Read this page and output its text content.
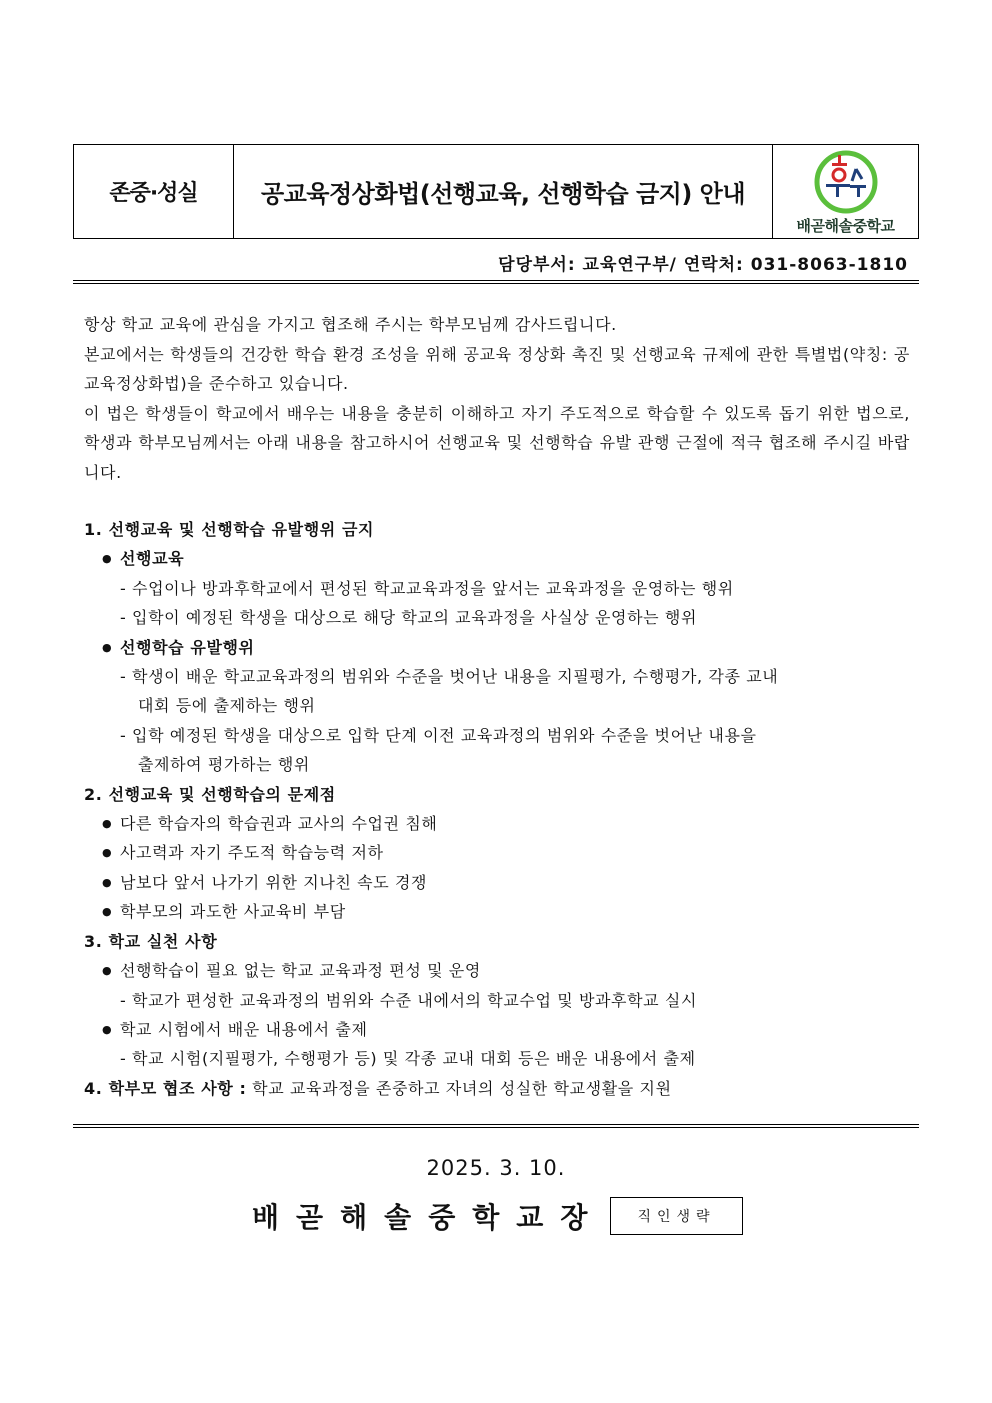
존중·성실	공교육정상화법(선행교육, 선행학습 금지) 안내
배곧해솔중학교
담당부서: 교육연구부/ 연락처: 031-8063-1810

항상 학교 교육에 관심을 가지고 협조해 주시는 학부모님께 감사드립니다.

본교에서는 학생들의 건강한 학습 환경 조성을 위해 공교육 정상화 촉진 및 선행교육 규제에 관한 특별법(약칭: 공교육정상화법)을 준수하고 있습니다.

이 법은 학생들이 학교에서 배우는 내용을 충분히 이해하고 자기 주도적으로 학습할 수 있도록 돕기 위한 법으로, 학생과 학부모님께서는 아래 내용을 참고하시어 선행교육 및 선행학습 유발 관행 근절에 적극 협조해 주시길 바랍니다.

1. 선행교육 및 선행학습 유발행위 금지
● 선행교육
- 수업이나 방과후학교에서 편성된 학교교육과정을 앞서는 교육과정을 운영하는 행위
- 입학이 예정된 학생을 대상으로 해당 학교의 교육과정을 사실상 운영하는 행위
● 선행학습 유발행위
- 학생이 배운 학교교육과정의 범위와 수준을 벗어난 내용을 지필평가, 수행평가, 각종 교내
대회 등에 출제하는 행위
- 입학 예정된 학생을 대상으로 입학 단계 이전 교육과정의 범위와 수준을 벗어난 내용을
출제하여 평가하는 행위
2. 선행교육 및 선행학습의 문제점
● 다른 학습자의 학습권과 교사의 수업권 침해
● 사고력과 자기 주도적 학습능력 저하
● 남보다 앞서 나가기 위한 지나친 속도 경쟁
● 학부모의 과도한 사교육비 부담
3. 학교 실천 사항
● 선행학습이 필요 없는 학교 교육과정 편성 및 운영
- 학교가 편성한 교육과정의 범위와 수준 내에서의 학교수업 및 방과후학교 실시
● 학교 시험에서 배운 내용에서 출제
- 학교 시험(지필평가, 수행평가 등) 및 각종 교내 대회 등은 배운 내용에서 출제
4. 학부모 협조 사항 : 학교 교육과정을 존중하고 자녀의 성실한 학교생활을 지원
2025. 3. 10.
배곧해솔중학교장 직인생략
